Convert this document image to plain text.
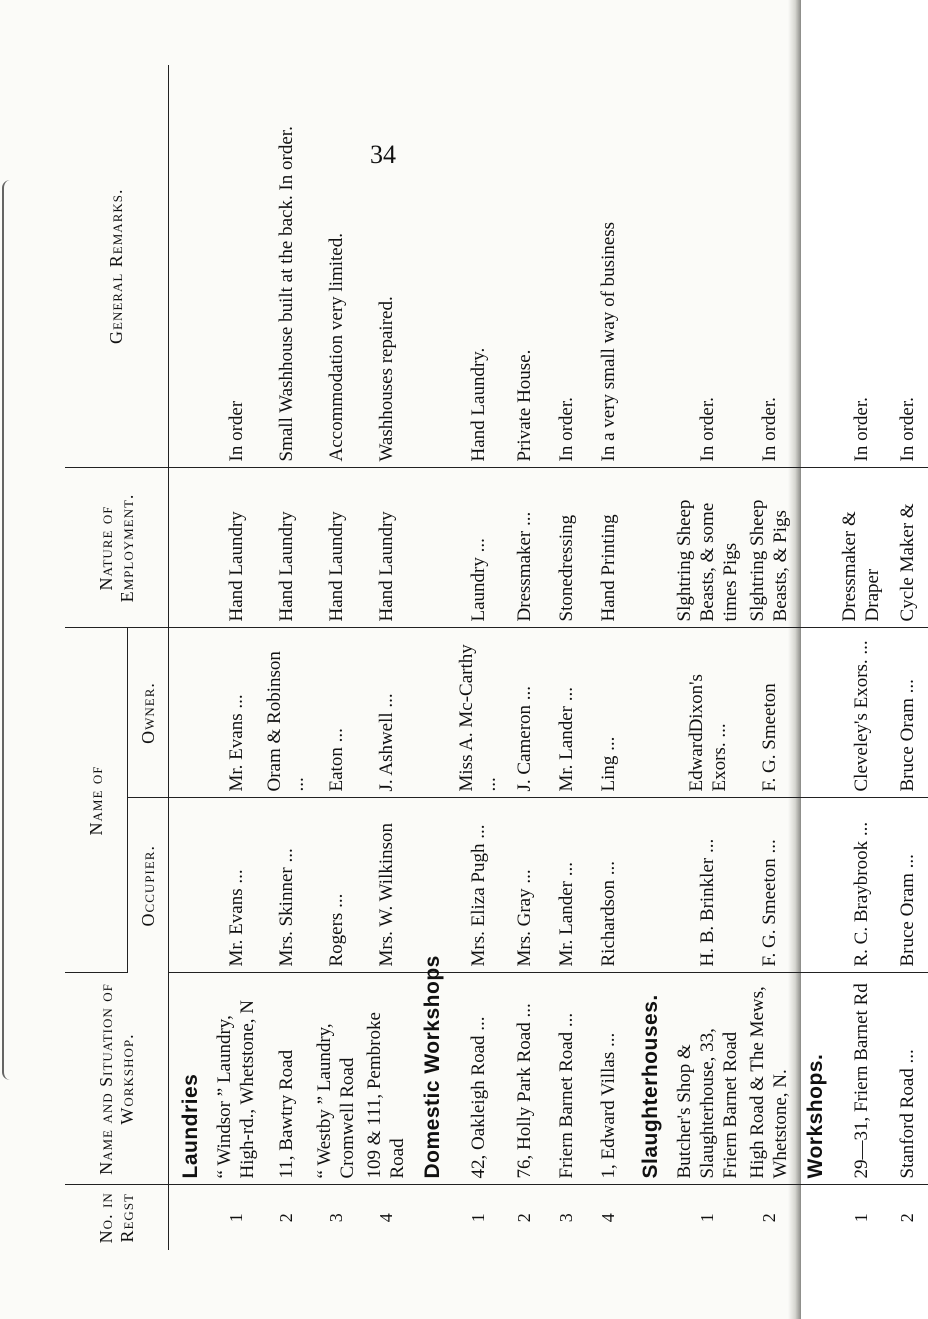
34
No. in Regst	Name and Situation of Workshop.	Name of		Nature of Employment.	General Remarks.
		Occupier.	Owner.		
	Laundries				
1	“ Windsor ” Laundry, High-rd., Whetstone, N	Mr. Evans ...	Mr. Evans ...	Hand Laundry	In order
2	11, Bawtry Road	Mrs. Skinner ...	Oram & Robinson ...	Hand Laundry	Small Washhouse built at the back. In order.
3	“ Westby ” Laundry, Cromwell Road	Rogers ...	Eaton ...	Hand Laundry	Accommodation very limited.
4	109 & 111, Pembroke Road	Mrs. W. Wilkinson	J. Ashwell ...	Hand Laundry	Washhouses repaired.
	Domestic Workshops				
1	42, Oakleigh Road ...	Mrs. Eliza Pugh ...	Miss A. Mc-Carthy ...	Laundry ...	Hand Laundry.
2	76, Holly Park Road ...	Mrs. Gray ...	J. Cameron ...	Dressmaker ...	Private House.
3	Friern Barnet Road ...	Mr. Lander ...	Mr. Lander ...	Stonedressing	In order.
4	1, Edward Villas ...	Richardson ...	Ling ...	Hand Printing	In a very small way of business
	Slaughterhouses.				
1	Butcher's Shop & Slaughterhouse, 33, Friern Barnet Road	H. B. Brinkler ...	EdwardDixon's Exors. ...	Slghtring Sheep Beasts, & some times Pigs	In order.
2	High Road & The Mews, Whetstone, N.	F. G. Smeeton ...	F. G. Smeeton	Slghtring Sheep Beasts, & Pigs	In order.
	Workshops.				
1	29—31, Friern Barnet Rd	R. C. Braybrook ...	Cleveley's Exors. ...	Dressmaker & Draper	In order.
2	Stanford Road ...	Bruce Oram ...	Bruce Oram ...	Cycle Maker &	In order.
